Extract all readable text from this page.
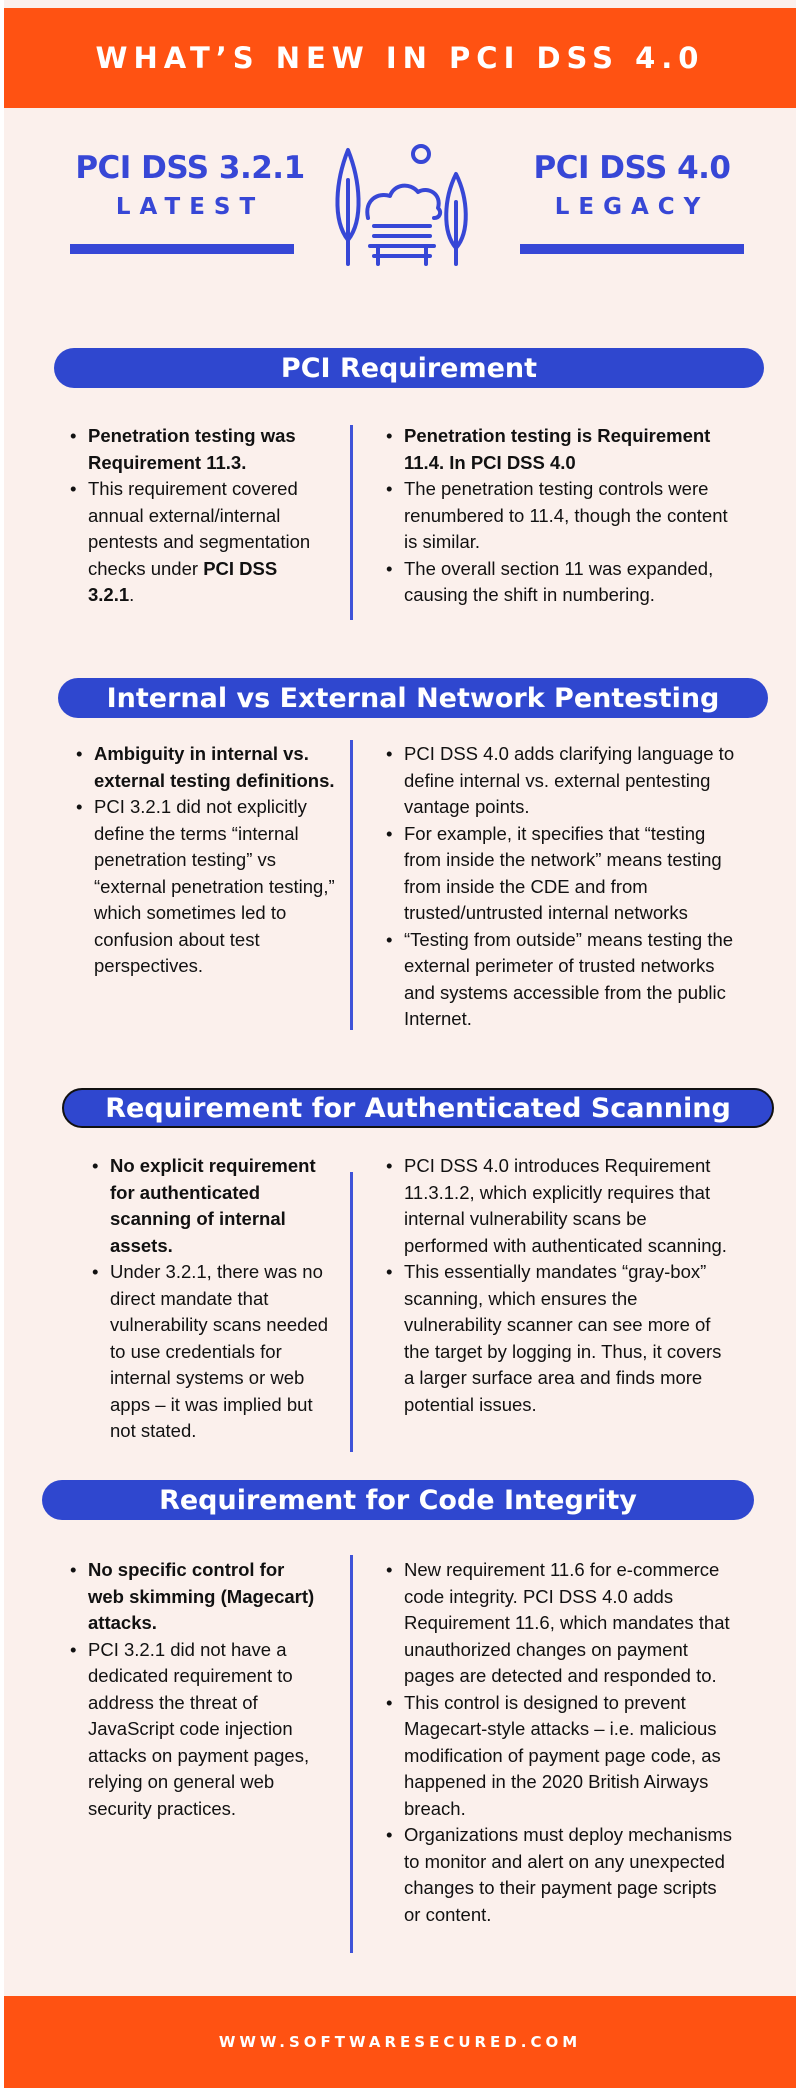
WHAT’S NEW IN PCI DSS 4.0
PCI DSS 3.2.1
LATEST
PCI DSS 4.0
LEGACY
PCI Requirement
• Penetration testing was Requirement 11.3.
• This requirement covered annual external/internal pentests and segmentation checks under PCI DSS 3.2.1.
• Penetration testing is Requirement 11.4. In PCI DSS 4.0
• The penetration testing controls were renumbered to 11.4, though the content is similar.
• The overall section 11 was expanded, causing the shift in numbering.
Internal vs External Network Pentesting
• Ambiguity in internal vs. external testing definitions.
• PCI 3.2.1 did not explicitly define the terms “internal penetration testing” vs “external penetration testing,” which sometimes led to confusion about test perspectives.
• PCI DSS 4.0 adds clarifying language to define internal vs. external pentesting vantage points.
• For example, it specifies that “testing from inside the network” means testing from inside the CDE and from trusted/untrusted internal networks
• “Testing from outside” means testing the external perimeter of trusted networks and systems accessible from the public Internet.
Requirement for Authenticated Scanning
• No explicit requirement for authenticated scanning of internal assets.
• Under 3.2.1, there was no direct mandate that vulnerability scans needed to use credentials for internal systems or web apps – it was implied but not stated.
• PCI DSS 4.0 introduces Requirement 11.3.1.2, which explicitly requires that internal vulnerability scans be performed with authenticated scanning.
• This essentially mandates “gray-box” scanning, which ensures the vulnerability scanner can see more of the target by logging in. Thus, it covers a larger surface area and finds more potential issues.
Requirement for Code Integrity
• No specific control for web skimming (Magecart) attacks.
• PCI 3.2.1 did not have a dedicated requirement to address the threat of JavaScript code injection attacks on payment pages, relying on general web security practices.
• New requirement 11.6 for e-commerce code integrity. PCI DSS 4.0 adds Requirement 11.6, which mandates that unauthorized changes on payment pages are detected and responded to.
• This control is designed to prevent Magecart-style attacks – i.e. malicious modification of payment page code, as happened in the 2020 British Airways breach.
• Organizations must deploy mechanisms to monitor and alert on any unexpected changes to their payment page scripts or content.
WWW.SOFTWARESECURED.COM
